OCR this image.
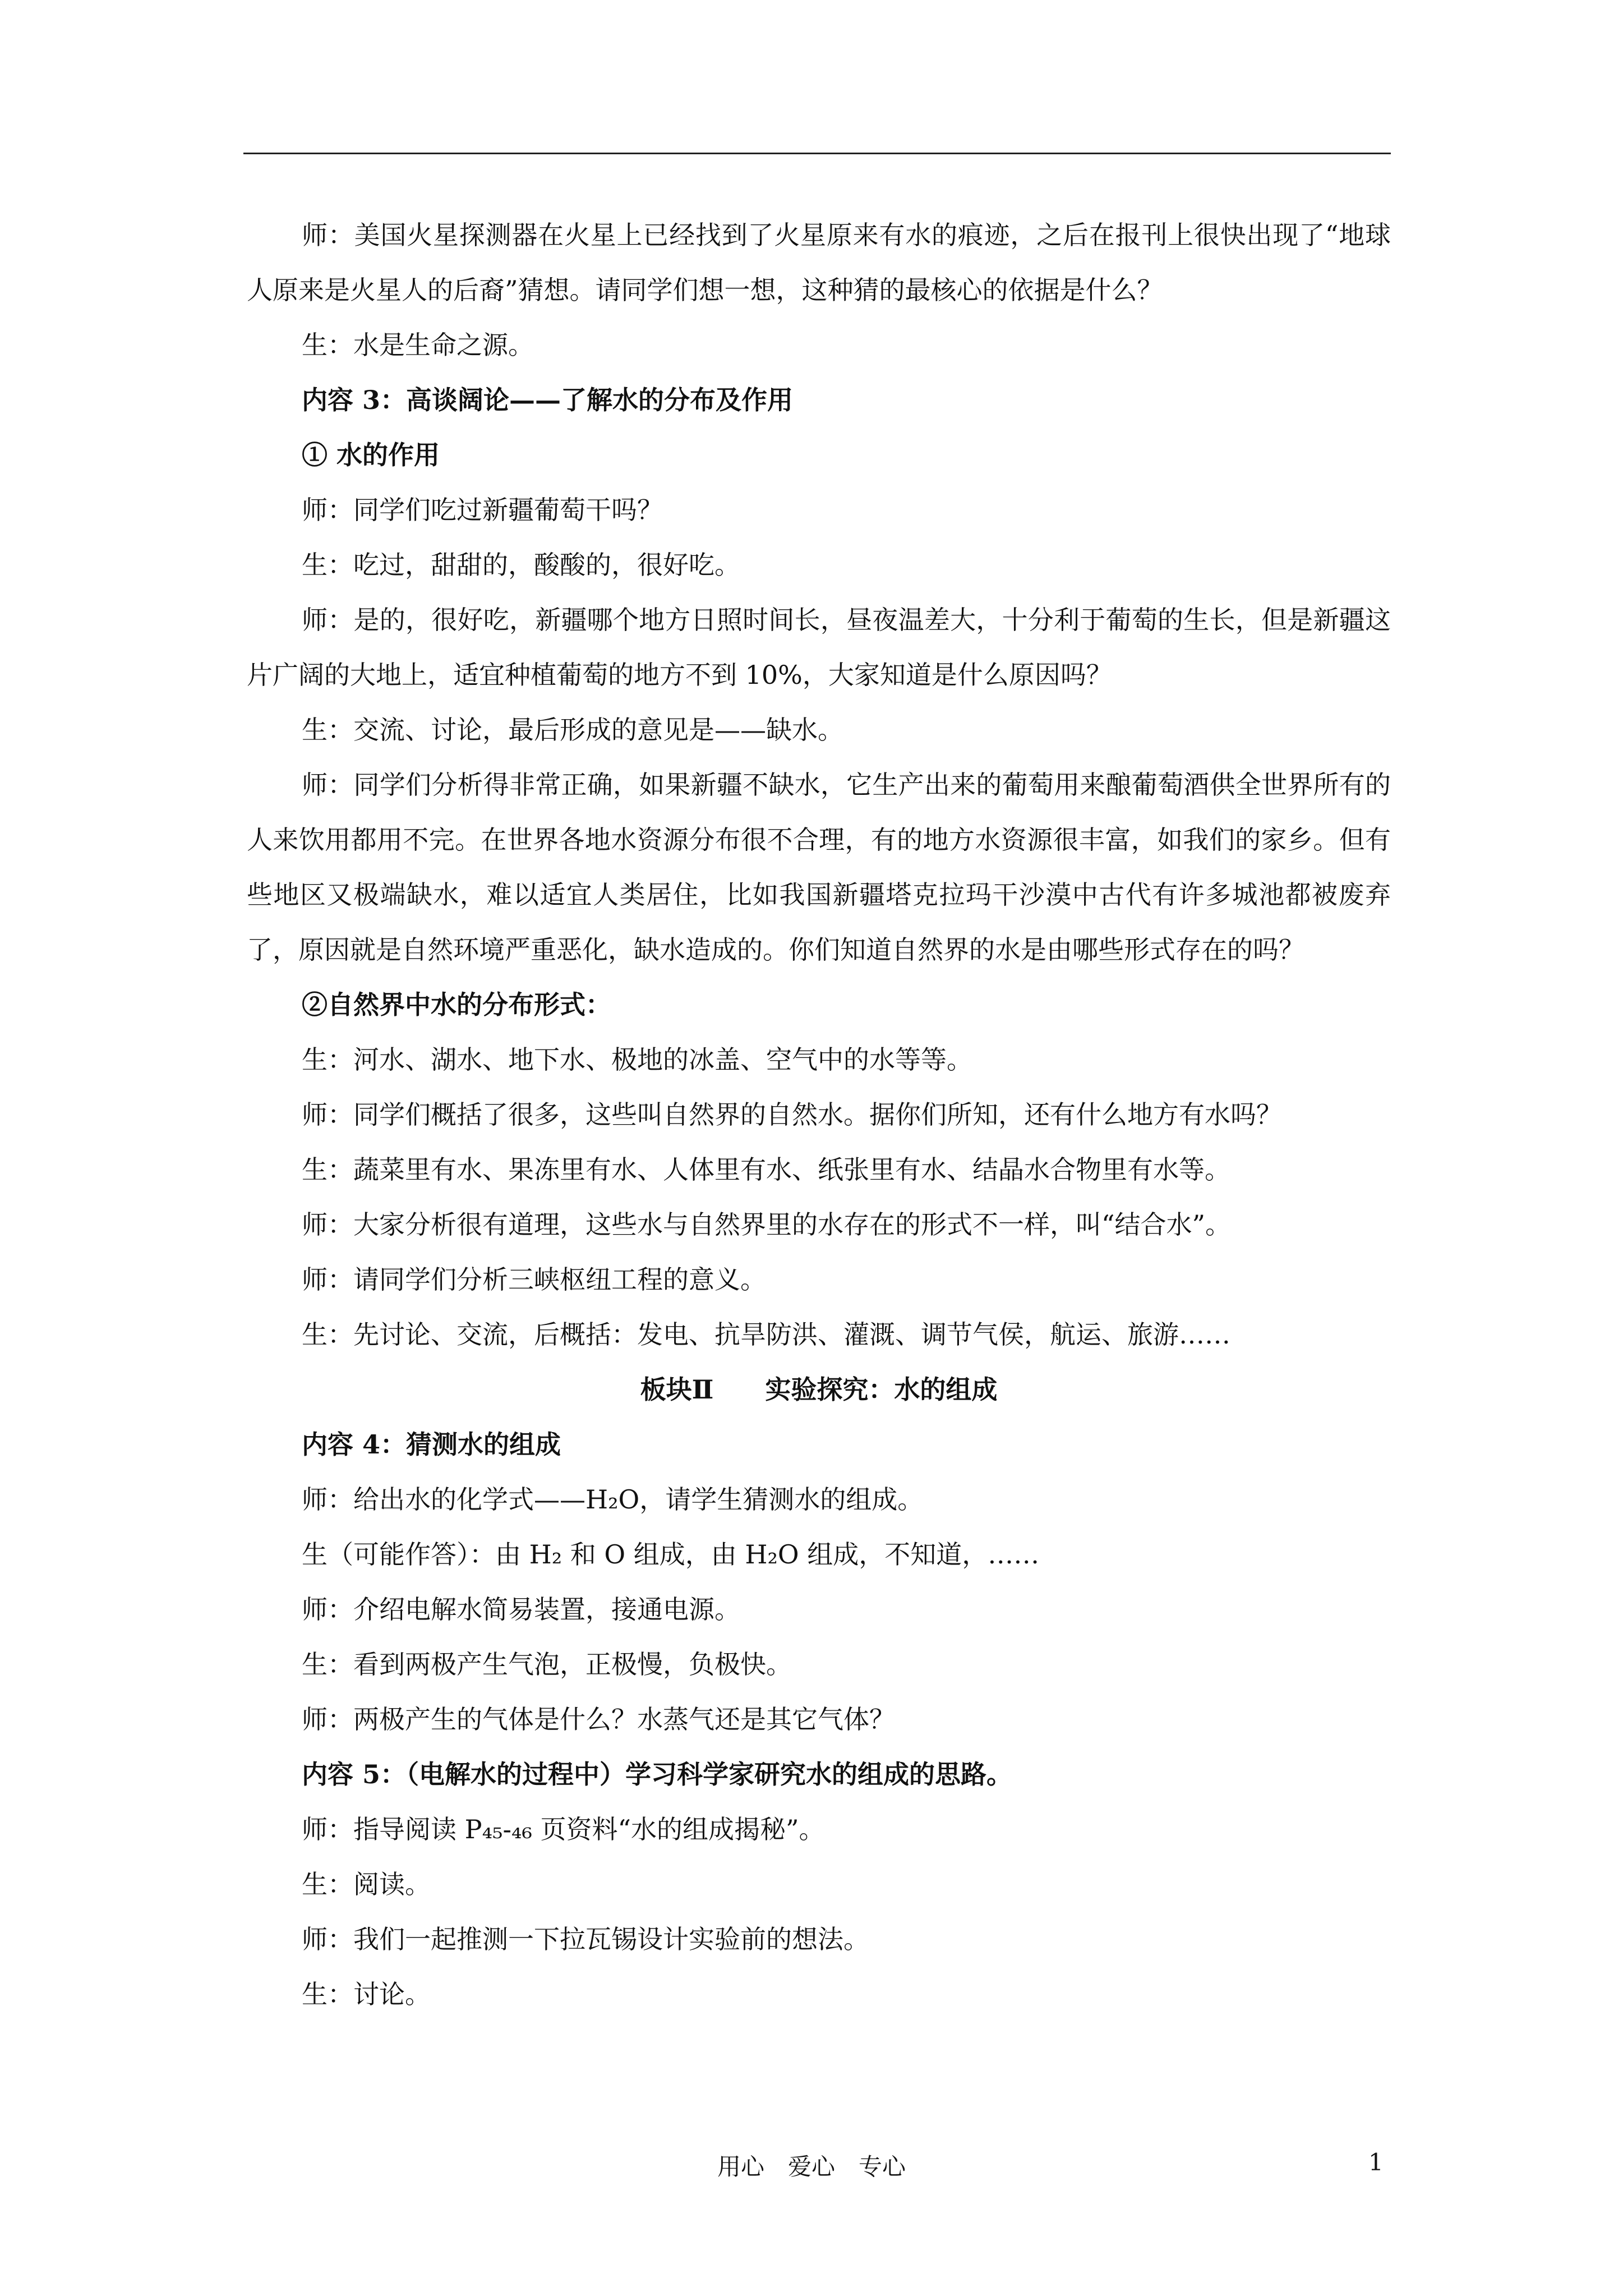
师：美国火星探测器在火星上已经找到了火星原来有水的痕迹，之后在报刊上很快出现了“地球人原来是火星人的后裔”猜想。请同学们想一想，这种猜的最核心的依据是什么？

生：水是生命之源。

内容 3：高谈阔论——了解水的分布及作用

① 水的作用

师：同学们吃过新疆葡萄干吗？

生：吃过，甜甜的，酸酸的，很好吃。

师：是的，很好吃，新疆哪个地方日照时间长，昼夜温差大，十分利于葡萄的生长，但是新疆这片广阔的大地上，适宜种植葡萄的地方不到 10%，大家知道是什么原因吗？

生：交流、讨论，最后形成的意见是——缺水。

师：同学们分析得非常正确，如果新疆不缺水，它生产出来的葡萄用来酿葡萄酒供全世界所有的人来饮用都用不完。在世界各地水资源分布很不合理，有的地方水资源很丰富，如我们的家乡。但有些地区又极端缺水，难以适宜人类居住，比如我国新疆塔克拉玛干沙漠中古代有许多城池都被废弃了，原因就是自然环境严重恶化，缺水造成的。你们知道自然界的水是由哪些形式存在的吗？

②自然界中水的分布形式：

生：河水、湖水、地下水、极地的冰盖、空气中的水等等。

师：同学们概括了很多，这些叫自然界的自然水。据你们所知，还有什么地方有水吗？

生：蔬菜里有水、果冻里有水、人体里有水、纸张里有水、结晶水合物里有水等。

师：大家分析很有道理，这些水与自然界里的水存在的形式不一样，叫“结合水”。

师：请同学们分析三峡枢纽工程的意义。

生：先讨论、交流，后概括：发电、抗旱防洪、灌溉、调节气侯，航运、旅游……

板块Ⅱ　　实验探究：水的组成

内容 4：猜测水的组成

师：给出水的化学式——H₂O，请学生猜测水的组成。

生（可能作答）：由 H₂ 和 O 组成，由 H₂O 组成，不知道，……

师：介绍电解水简易装置，接通电源。

生：看到两极产生气泡，正极慢，负极快。

师：两极产生的气体是什么？水蒸气还是其它气体？

内容 5：（电解水的过程中）学习科学家研究水的组成的思路。

师：指导阅读 P₄₅-₄₆ 页资料“水的组成揭秘”。

生：阅读。

师：我们一起推测一下拉瓦锡设计实验前的想法。

生：讨论。

用心　爱心　专心	1
